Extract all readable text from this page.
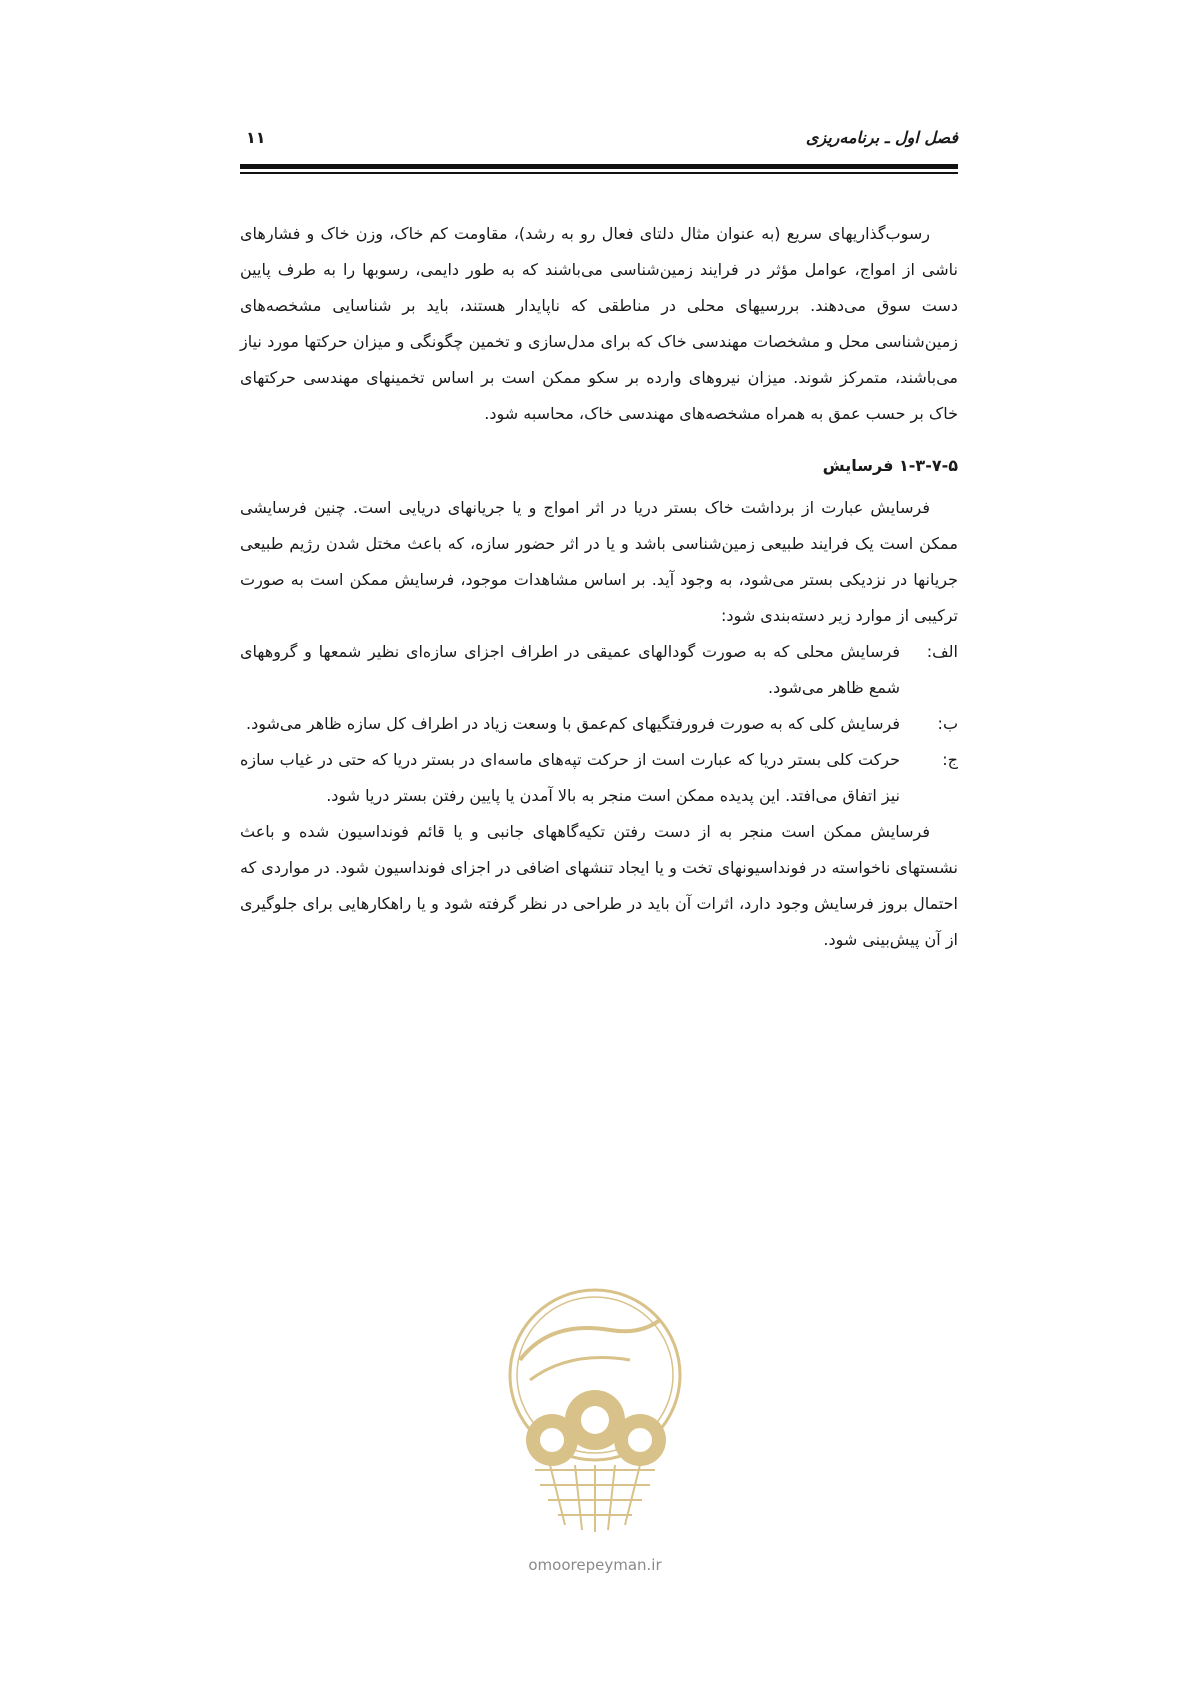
فصل اول ـ برنامه‌ریزی
۱۱

رسوب‌گذاریهای سریع (به عنوان مثال دلتای فعال رو به رشد)، مقاومت کم خاک، وزن خاک و فشارهای ناشی از امواج، عوامل مؤثر در فرایند زمین‌شناسی می‌باشند که به طور دایمی، رسوبها را به طرف پایین دست سوق می‌دهند. بررسیهای محلی در مناطقی که ناپایدار هستند، باید بر شناسایی مشخصه‌های زمین‌شناسی محل و مشخصات مهندسی خاک که برای مدل‌سازی و تخمین چگونگی و میزان حرکتها مورد نیاز می‌باشند، متمرکز شوند. میزان نیروهای وارده بر سکو ممکن است بر اساس تخمینهای مهندسی حرکتهای خاک بر حسب عمق به همراه مشخصه‌های مهندسی خاک، محاسبه شود.

۱-۳-۷-۵ فرسایش

فرسایش عبارت از برداشت خاک بستر دریا در اثر امواج و یا جریانهای دریایی است. چنین فرسایشی ممکن است یک فرایند طبیعی زمین‌شناسی باشد و یا در اثر حضور سازه، که باعث مختل شدن رژیم طبیعی جریانها در نزدیکی بستر می‌شود، به وجود آید. بر اساس مشاهدات موجود، فرسایش ممکن است به صورت ترکیبی از موارد زیر دسته‌بندی شود:

الف:
فرسایش محلی که به صورت گودالهای عمیقی در اطراف اجزای سازه‌ای نظیر شمعها و گروههای شمع ظاهر می‌شود.
ب:
فرسایش کلی که به صورت فرورفتگیهای کم‌عمق با وسعت زیاد در اطراف کل سازه ظاهر می‌شود.
ج:
حرکت کلی بستر دریا که عبارت است از حرکت تپه‌های ماسه‌ای در بستر دریا که حتی در غیاب سازه نیز اتفاق می‌افتد. این پدیده ممکن است منجر به بالا آمدن یا پایین رفتن بستر دریا شود.

فرسایش ممکن است منجر به از دست رفتن تکیه‌گاههای جانبی و یا قائم فونداسیون شده و باعث نشستهای ناخواسته در فونداسیونهای تخت و یا ایجاد تنشهای اضافی در اجزای فونداسیون شود. در مواردی که احتمال بروز فرسایش وجود دارد، اثرات آن باید در طراحی در نظر گرفته شود و یا راهکارهایی برای جلوگیری از آن پیش‌بینی شود.

omoorepeyman.ir
